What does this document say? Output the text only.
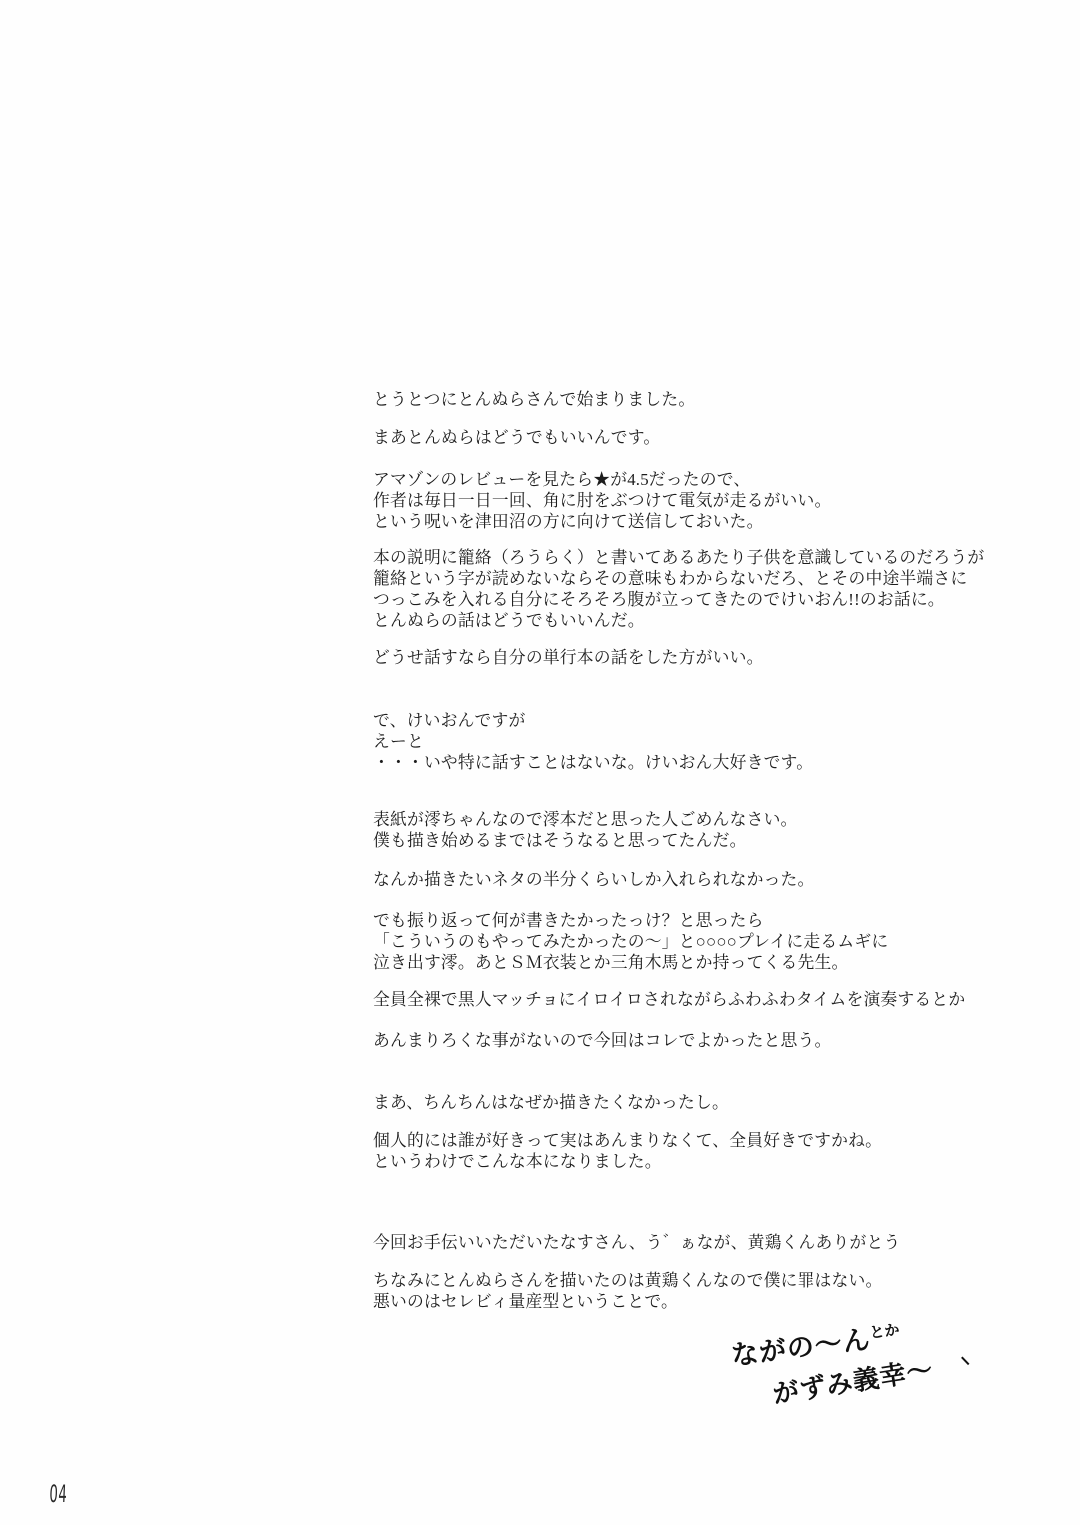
とうとつにとんぬらさんで始まりました。
まあとんぬらはどうでもいいんです。
アマゾンのレビューを見たら★が4.5だったので、
作者は毎日一日一回、角に肘をぶつけて電気が走るがいい。
という呪いを津田沼の方に向けて送信しておいた。
本の説明に籠絡（ろうらく）と書いてあるあたり子供を意識しているのだろうが
籠絡という字が読めないならその意味もわからないだろ、とその中途半端さに
つっこみを入れる自分にそろそろ腹が立ってきたのでけいおん!!のお話に。
とんぬらの話はどうでもいいんだ。
どうせ話すなら自分の単行本の話をした方がいい。
で、けいおんですが
えーと
・・・いや特に話すことはないな。けいおん大好きです。
表紙が澪ちゃんなので澪本だと思った人ごめんなさい。
僕も描き始めるまではそうなると思ってたんだ。
なんか描きたいネタの半分くらいしか入れられなかった。
でも振り返って何が書きたかったっけ？と思ったら
「こういうのもやってみたかったの〜」と○○○○プレイに走るムギに
泣き出す澪。あとＳＭ衣装とか三角木馬とか持ってくる先生。
全員全裸で黒人マッチョにイロイロされながらふわふわタイムを演奏するとか
あんまりろくな事がないので今回はコレでよかったと思う。
まあ、ちんちんはなぜか描きたくなかったし。
個人的には誰が好きって実はあんまりなくて、全員好きですかね。
というわけでこんな本になりました。
今回お手伝いいただいたなすさん、う゛ぁなが、黄鶏くんありがとう
ちなみにとんぬらさんを描いたのは黄鶏くんなので僕に罪はない。
悪いのはセレビィ量産型ということで。
ながの〜ん$^{とか}$
がずみ義幸〜
04
